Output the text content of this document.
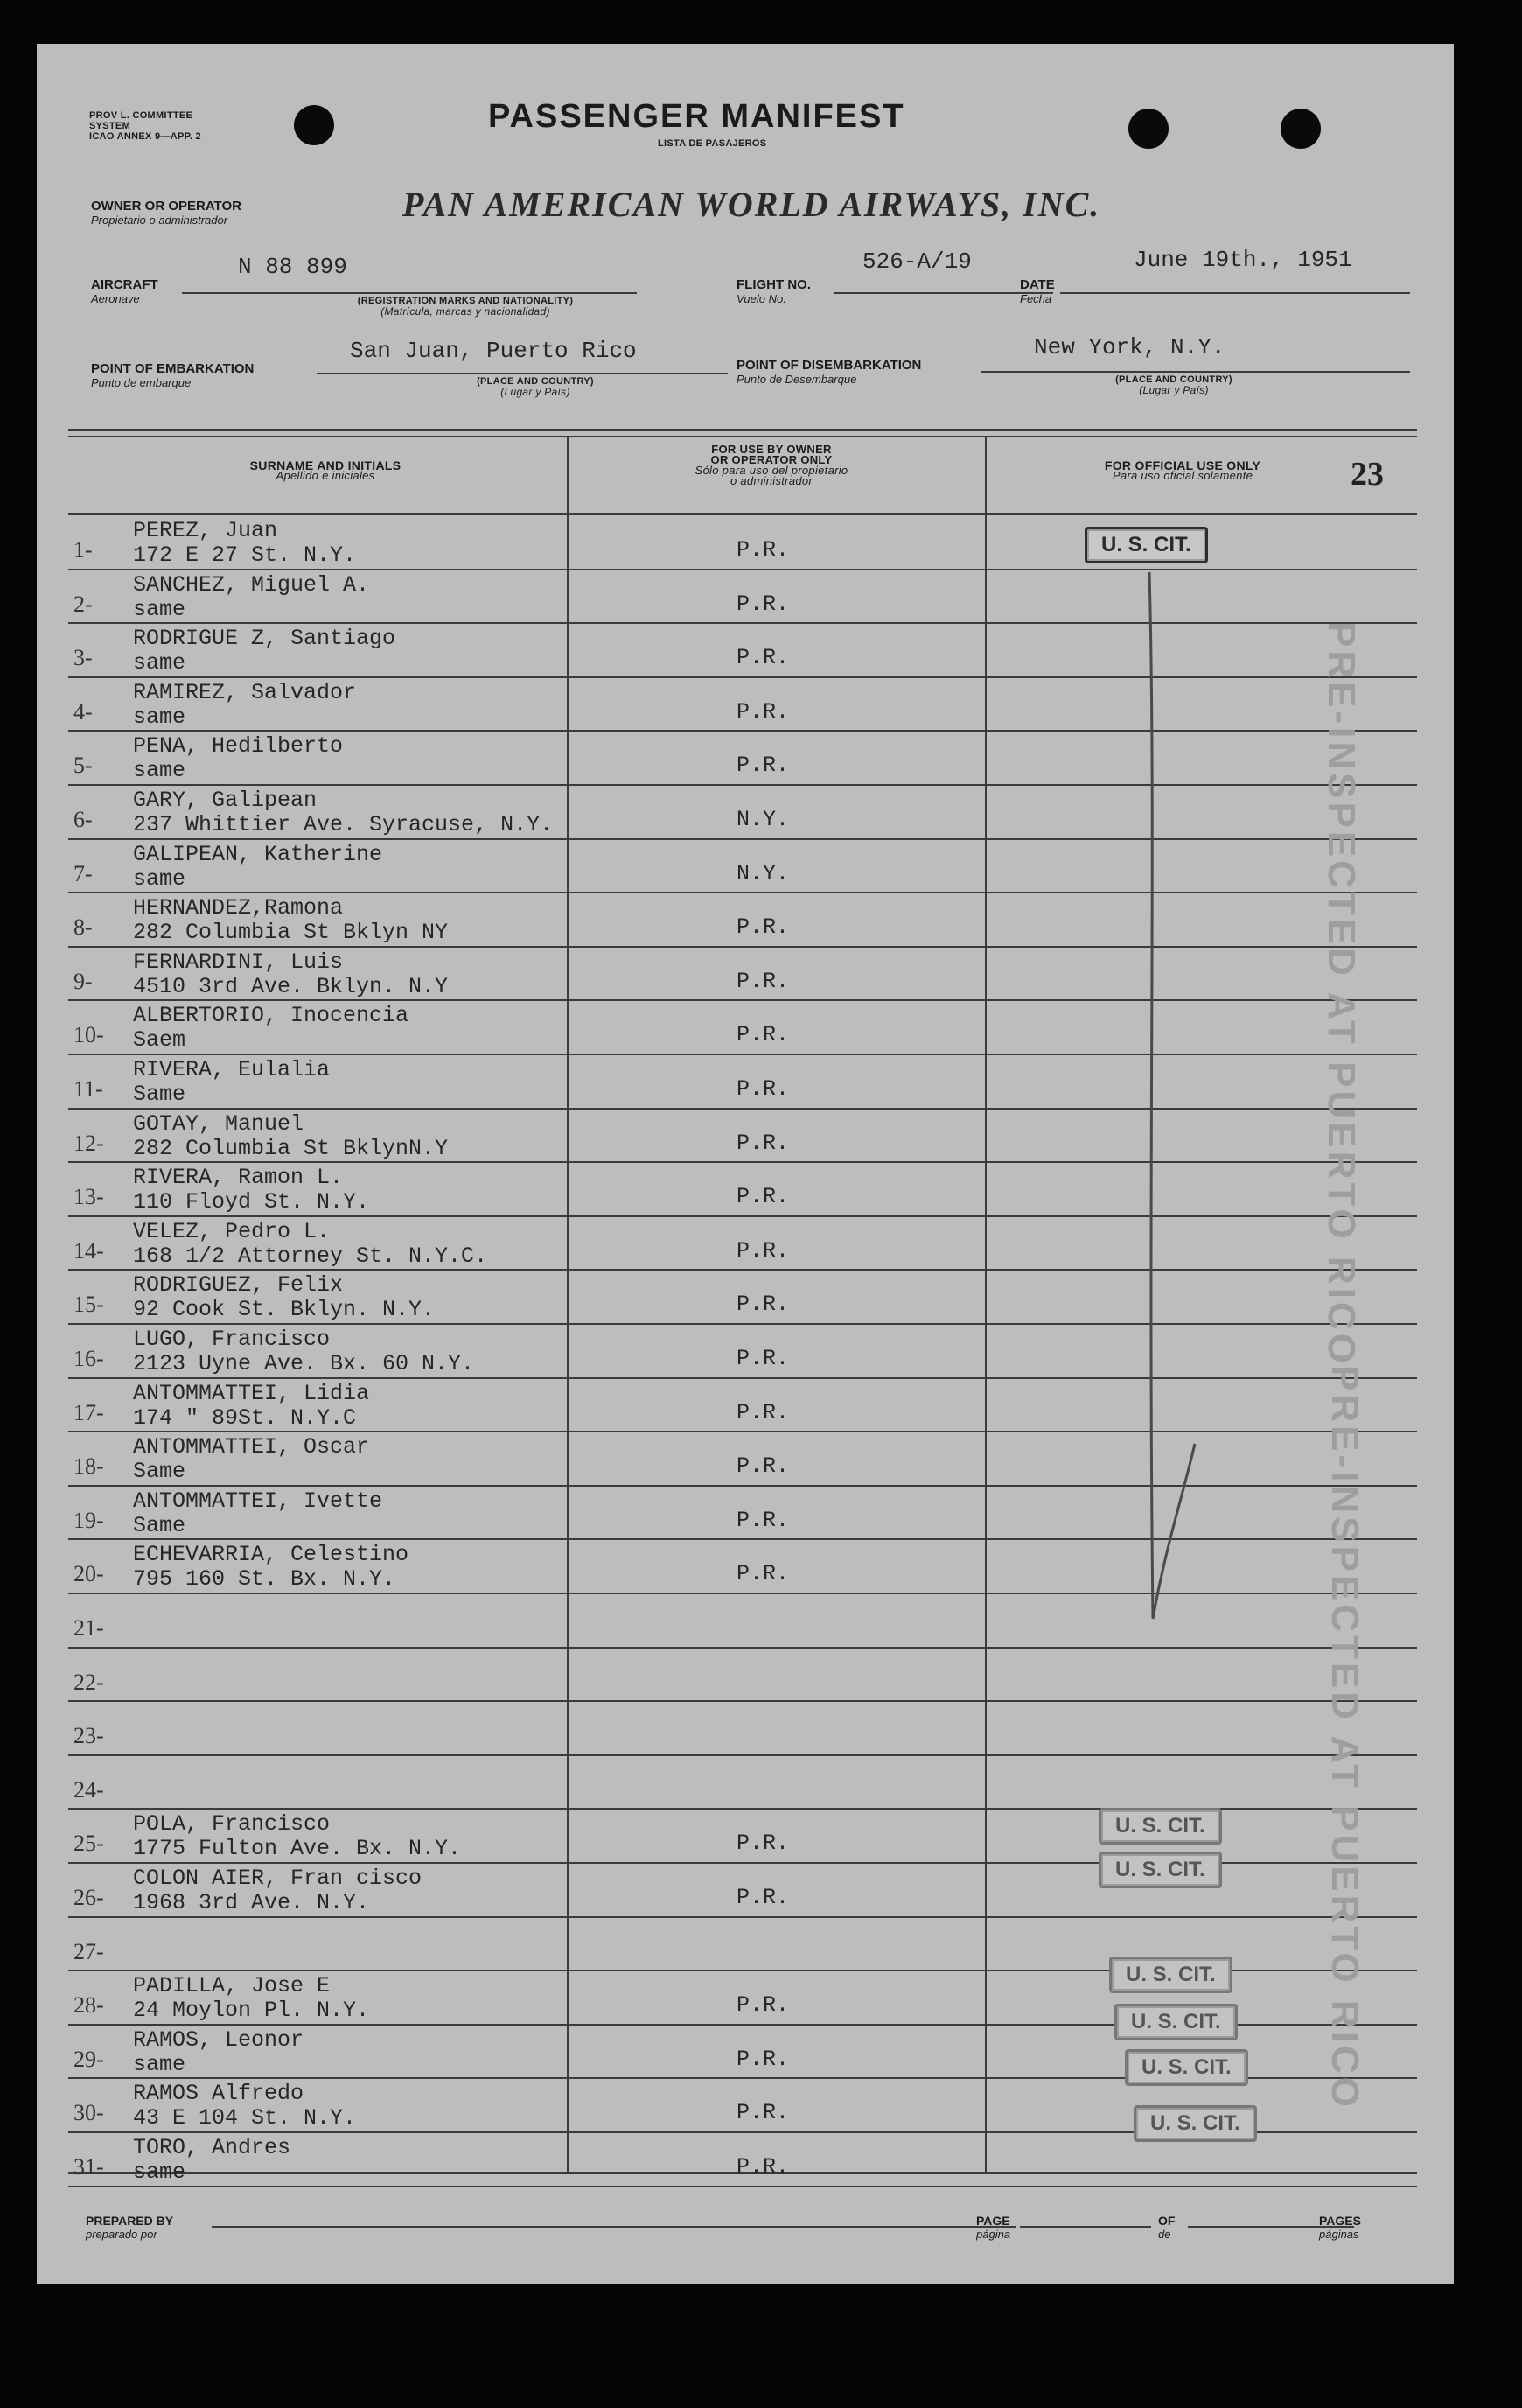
PROV L. COMMITTEE
SYSTEM
ICAO ANNEX 9—APP. 2
PASSENGER MANIFEST
LISTA DE PASAJEROS
OWNER OR OPERATOR
Propietario o administrador	PAN AMERICAN WORLD AIRWAYS, INC.
AIRCRAFT
Aeronave
N 88 899
(REGISTRATION MARKS AND NATIONALITY)
(Matrícula, marcas y nacionalidad)
FLIGHT NO.
Vuelo No.
526-A/19
DATE
Fecha
June 19th., 1951
POINT OF EMBARKATION
Punto de embarque
San Juan, Puerto Rico
(PLACE AND COUNTRY)
(Lugar y País)
POINT OF DISEMBARKATION
Punto de Desembarque
New York, N.Y.
(PLACE AND COUNTRY)
(Lugar y País)
SURNAME AND INITIALS
Apellido e iniciales
FOR USE BY OWNER
OR OPERATOR ONLY
Sólo para uso del propietario
o administrador
FOR OFFICIAL USE ONLY
Para uso oficial solamente	23
1-
PEREZ, Juan
172 E 27 St. N.Y.	P.R.
2-
SANCHEZ, Miguel A.
same	P.R.
3-
RODRIGUE Z, Santiago
same	P.R.
4-
RAMIREZ, Salvador
same	P.R.
5-
PENA, Hedilberto
same	P.R.
6-
GARY, Galipean
237 Whittier Ave. Syracuse, N.Y.	N.Y.
7-
GALIPEAN, Katherine
same	N.Y.
8-
HERNANDEZ,Ramona
282 Columbia St Bklyn NY	P.R.
9-
FERNARDINI, Luis
4510 3rd Ave. Bklyn. N.Y	P.R.
10-
ALBERTORIO, Inocencia
Saem	P.R.
11-
RIVERA, Eulalia
Same	P.R.
12-
GOTAY, Manuel
282 Columbia St BklynN.Y	P.R.
13-
RIVERA, Ramon L.
110 Floyd St. N.Y.	P.R.
14-
VELEZ, Pedro L.
168 1/2 Attorney St. N.Y.C.	P.R.
15-
RODRIGUEZ, Felix
92 Cook St. Bklyn. N.Y.	P.R.
16-
LUGO, Francisco
2123 Uyne Ave. Bx. 60 N.Y.	P.R.
17-
ANTOMMATTEI, Lidia
174 " 89St. N.Y.C	P.R.
18-
ANTOMMATTEI, Oscar
Same	P.R.
19-
ANTOMMATTEI, Ivette
Same	P.R.
20-
ECHEVARRIA, Celestino
795 160 St. Bx. N.Y.	P.R.
21-
22-
23-
24-
25-
POLA, Francisco
1775 Fulton Ave. Bx. N.Y.	P.R.
26-
COLON AIER, Fran cisco
1968 3rd Ave. N.Y.	P.R.
27-
28-
PADILLA, Jose E
24 Moylon Pl. N.Y.	P.R.
29-
RAMOS, Leonor
same	P.R.
30-
RAMOS Alfredo
43 E 104 St. N.Y.	P.R.
31-
TORO, Andres
same	P.R.
U. S. CIT.
U. S. CIT.
U. S. CIT.
U. S. CIT.
U. S. CIT.
U. S. CIT.
U. S. CIT.
PRE-INSPECTED AT PUERTO RICO
PRE-INSPECTED AT PUERTO RICO
PREPARED BY
preparado por
PAGE
página
OF
de
PAGES
páginas
